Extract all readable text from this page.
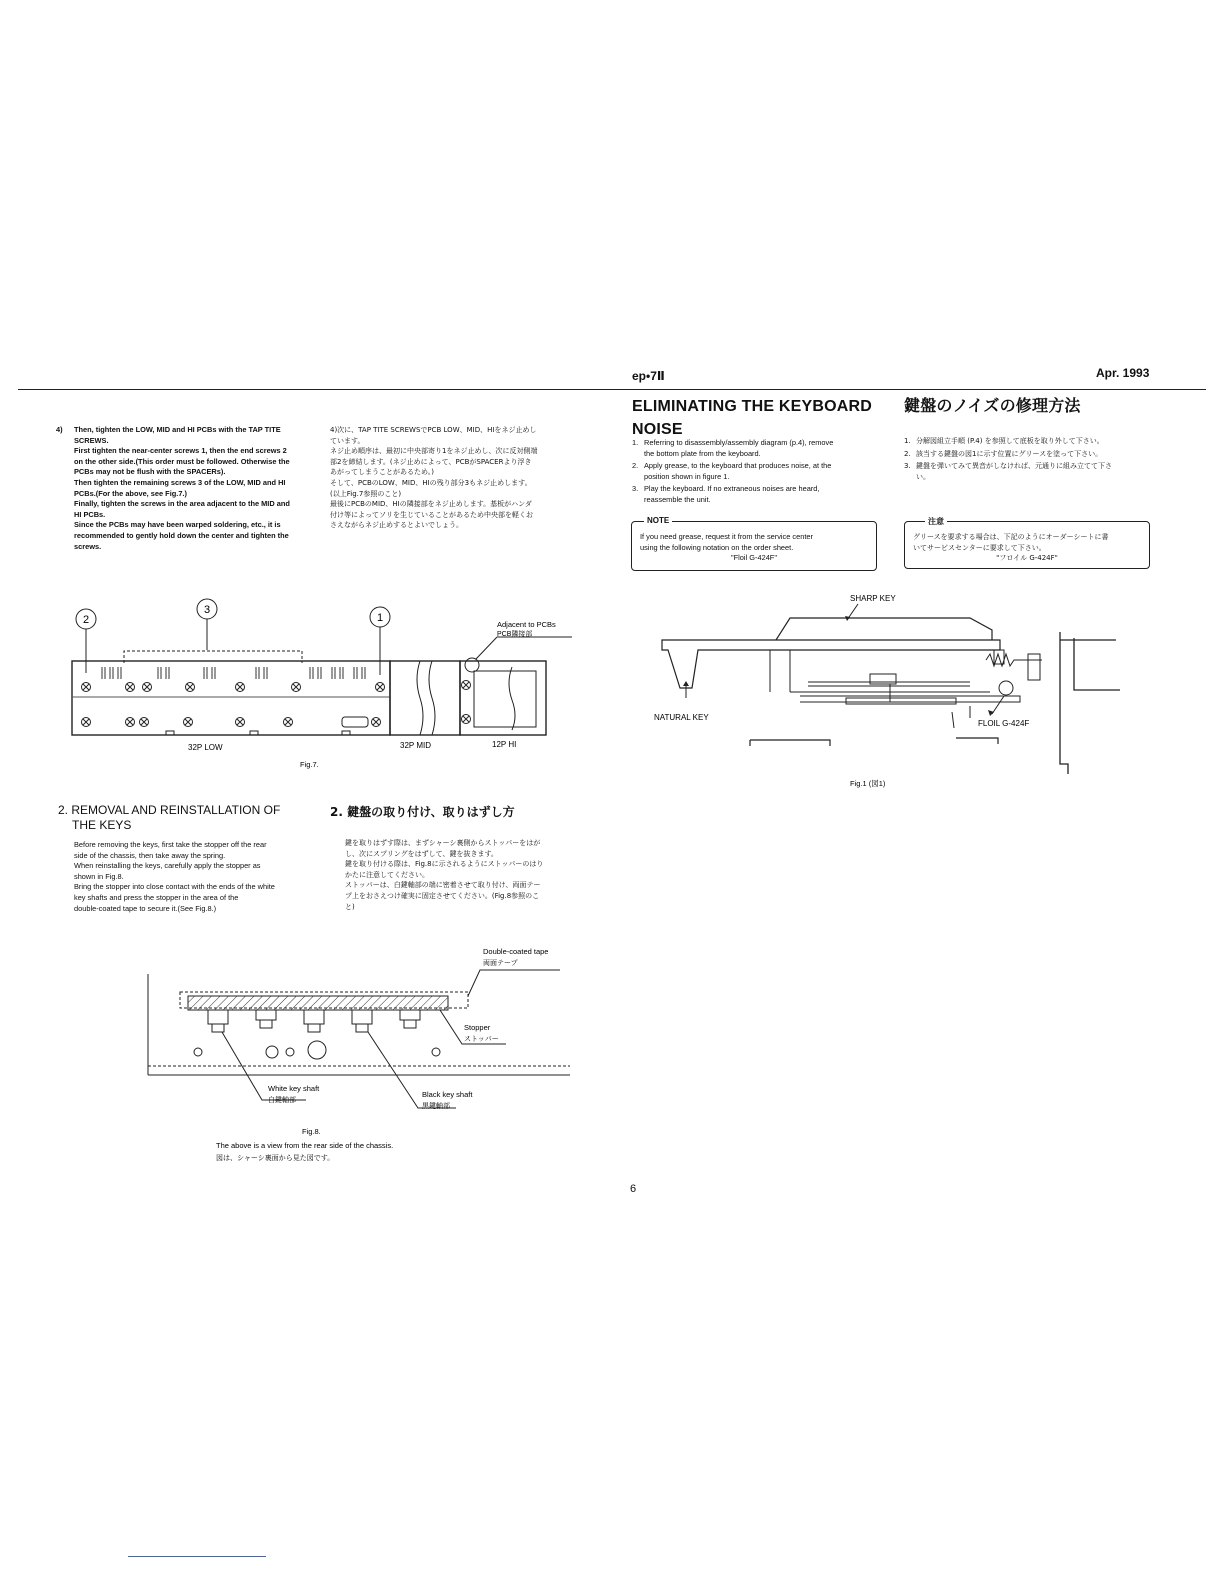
ep•7Ⅱ	Apr. 1993
4) Then, tighten the LOW, MID and HI PCBs with the TAP TITE
SCREWS.
First tighten the near-center screws 1, then the end screws 2
on the other side.(This order must be followed. Otherwise the
PCBs may not be flush with the SPACERs).
Then tighten the remaining screws 3 of the LOW, MID and HI
PCBs.(For the above, see Fig.7.)
Finally, tighten the screws in the area adjacent to the MID and
HI PCBs.
Since the PCBs may have been warped soldering, etc., it is
recommended to gently hold down the center and tighten the
screws.
4)次に、TAP TITE SCREWSでPCB LOW、MID、HIをネジ止めし
ています。
ネジ止め順序は、最初に中央部寄り1をネジ止めし、次に反対側端
部2を締結します。(ネジ止めによって、PCBがSPACERより浮き
あがってしまうことがあるため。)
そして、PCBのLOW、MID、HIの残り部分3もネジ止めします。
(以上Fig.7参照のこと)
最後にPCBのMID、HIの隣接部をネジ止めします。基板がハンダ
付け等によってソリを生じていることがあるため中央部を軽くお
さえながらネジ止めするとよいでしょう。
2
3
1
Adjacent to PCBs
PCB隣接部
32P LOW	32P MID	12P HI
Fig.7.
2. REMOVAL AND REINSTALLATION OF
THE KEYS
2. 鍵盤の取り付け、取りはずし方
Before removing the keys, first take the stopper off the rear
side of the chassis, then take away the spring.
When reinstalling the keys, carefully apply the stopper as
shown in Fig.8.
Bring the stopper into close contact with the ends of the white
key shafts and press the stopper in the area of the
double-coated tape to secure it.(See Fig.8.)
鍵を取りはずす際は、まずシャーシ裏側からストッパーをはが
し、次にスプリングをはずして、鍵を抜きます。
鍵を取り付ける際は、Fig.8に示されるようにストッパーのはり
かたに注意してください。
ストッパーは、白鍵軸部の端に密着させて取り付け、両面テー
プ上をおさえつけ確実に固定させてください。(Fig.8参照のこ
と)
Double-coated tape
両面テープ
Stopper
ストッパー
White key shaft
白鍵軸部
Black key shaft
黒鍵軸部
Fig.8.
The above is a view from the rear side of the chassis.
図は、シャーシ裏面から見た図です。
ELIMINATING THE KEYBOARD
NOISE
鍵盤のノイズの修理方法
1. Referring to disassembly/assembly diagram (p.4), remove
the bottom plate from the keyboard.
2. Apply grease, to the keyboard that produces noise, at the
position shown in figure 1.
3. Play the keyboard. If no extraneous noises are heard,
reassemble the unit.
1. 分解図組立手順 (P.4) を参照して底板を取り外して下さい。
2. 該当する鍵盤の図1に示す位置にグリースを塗って下さい。
3. 鍵盤を弾いてみて異音がしなければ、元通りに組み立てて下さ
い。
NOTE
If you need grease, request it from the service center
using the following notation on the order sheet.
"Floil G-424F"
注意
グリースを要求する場合は、下記のようにオーダーシートに書
いてサービスセンターに要求して下さい。
"フロイル G-424F"
SHARP KEY
FLOIL G-424F
NATURAL KEY
Fig.1 (図1)
6
